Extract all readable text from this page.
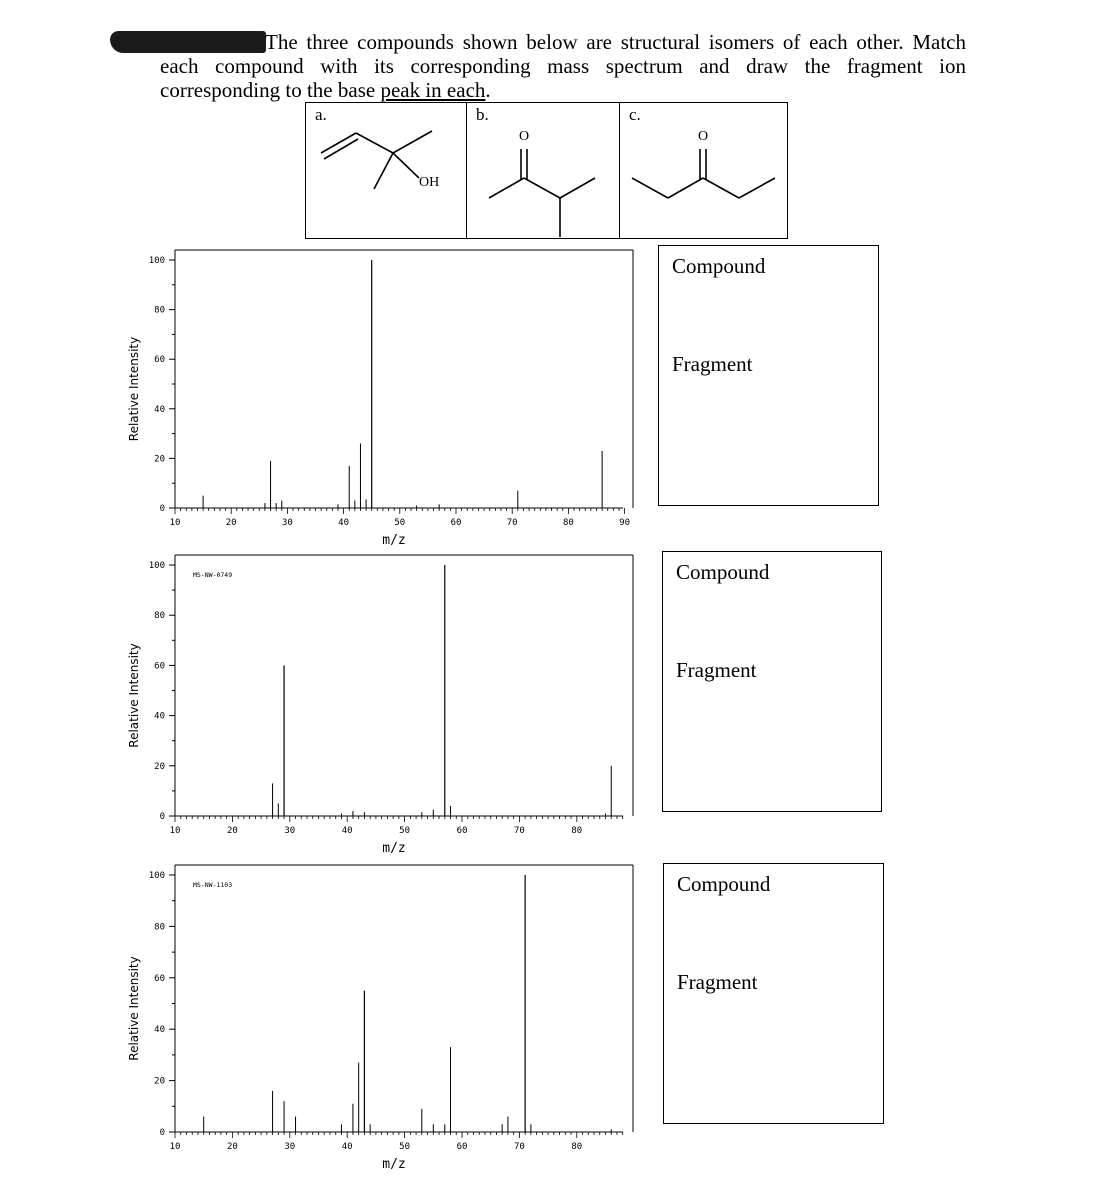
The three compounds shown below are structural isomers of each other. Match each compound with its corresponding mass spectrum and draw the fragment ion corresponding to the base peak in each.
a.
OH
b.
O
c.
O
0
20
40
60
80
100
10	20	30	40	50	60	70	80	90
m/z
Relative Intensity
0
20
40
60
80
100
10	20	30	40	50	60	70	80
m/z
Relative Intensity
MS-NW-0749
0
20
40
60
80
100
10	20	30	40	50	60	70	80
m/z
Relative Intensity
MS-NW-1103
Compound
Fragment
Compound
Fragment
Compound
Fragment
